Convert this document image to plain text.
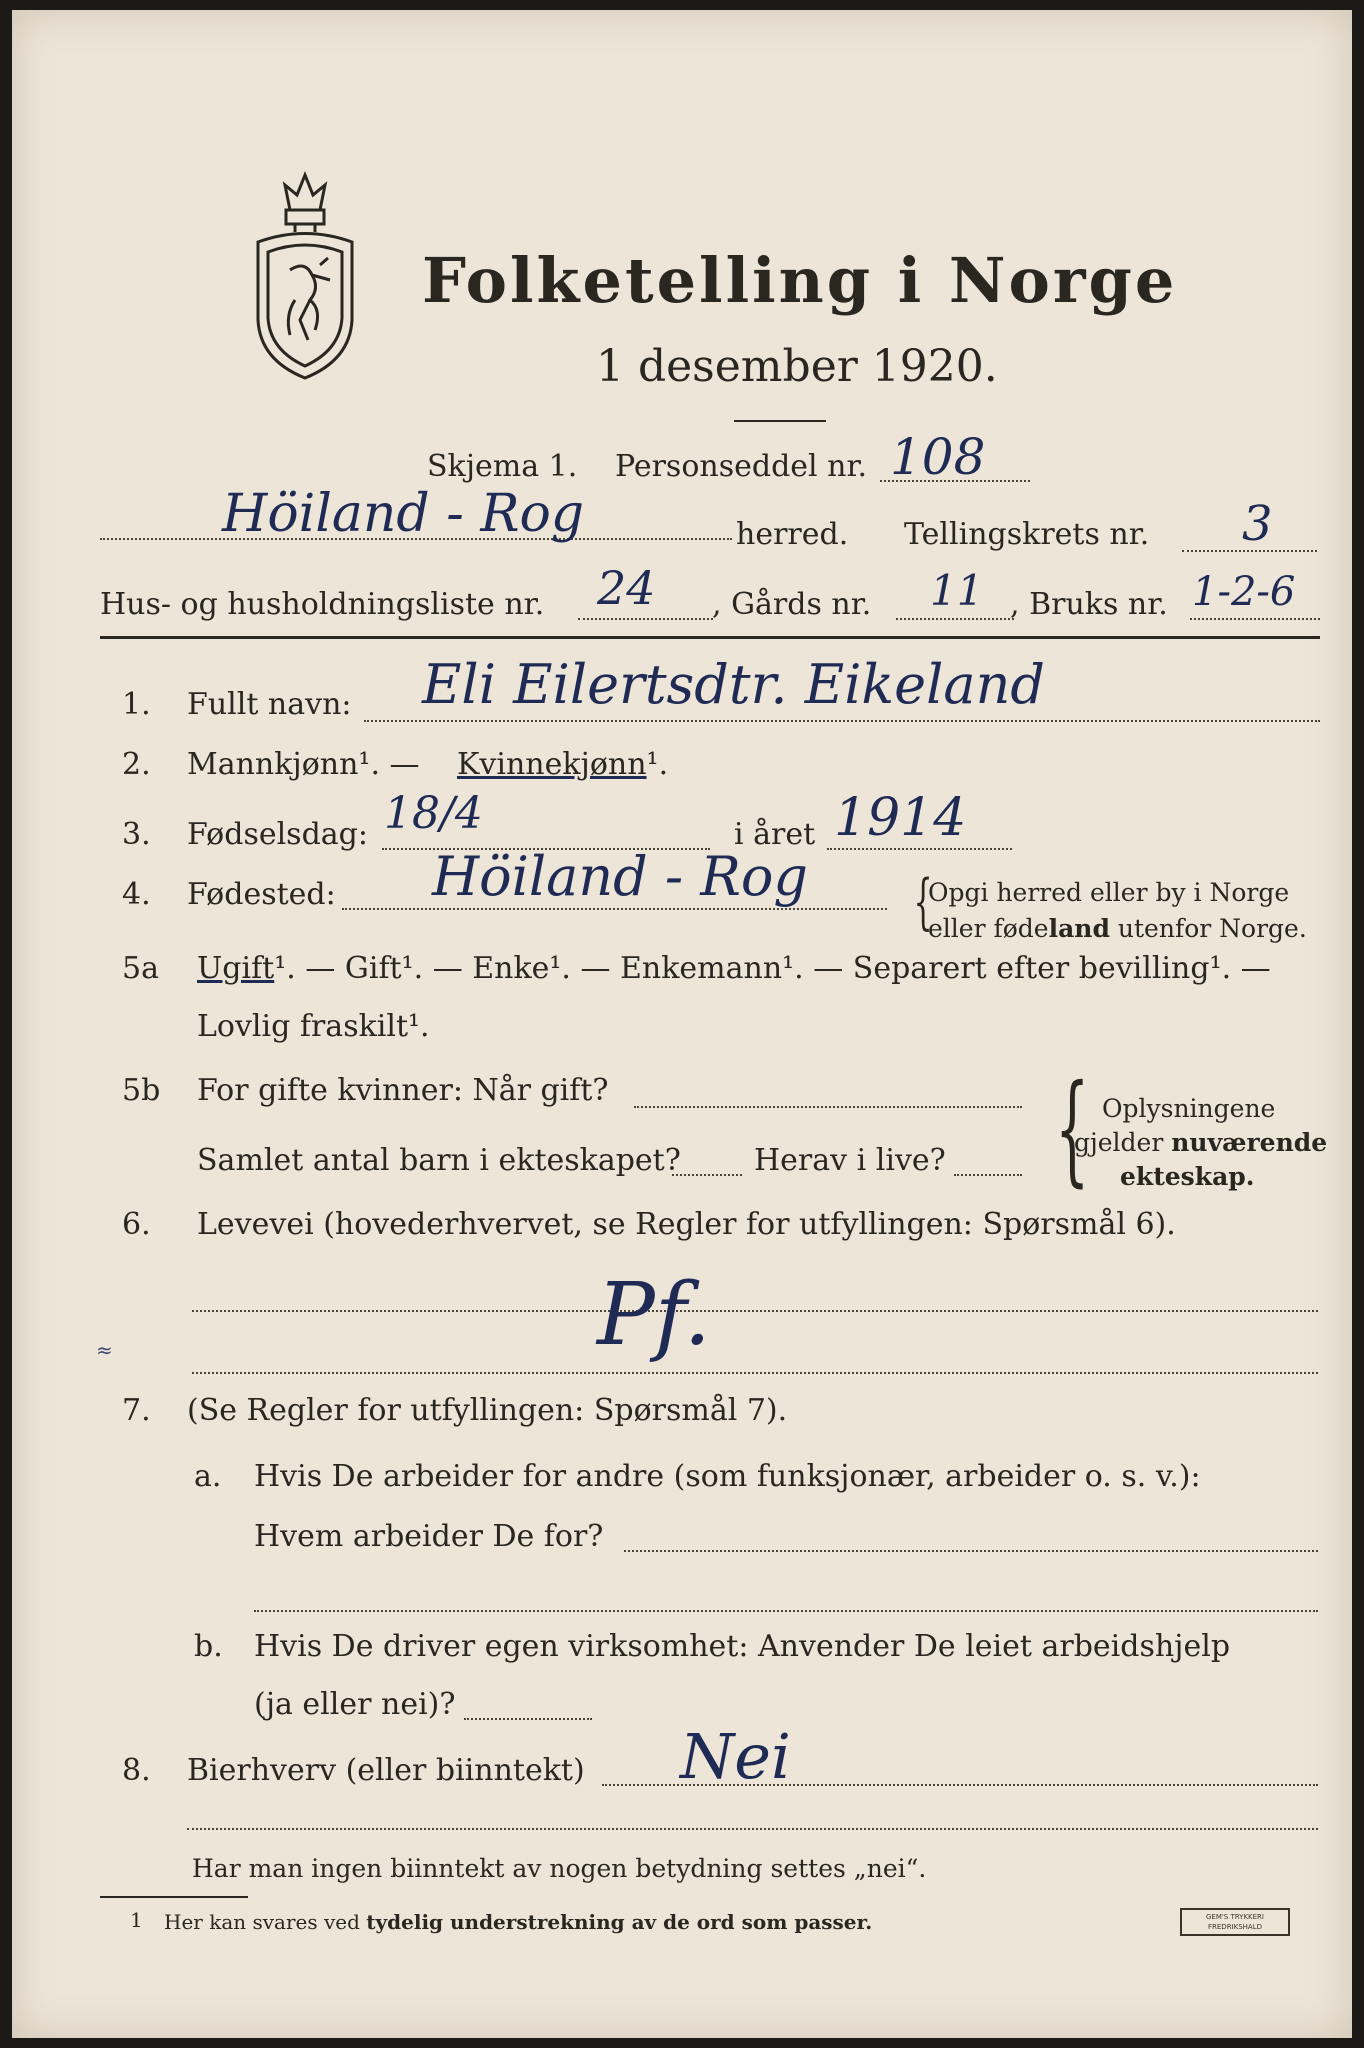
Folketelling i Norge
1 desember 1920.
Skjema 1. Personseddel nr. 108
Höiland - Rog	herred. Tellingskrets nr. 3
Hus- og husholdningsliste nr. 24 , Gårds nr. 11 , Bruks nr. 1-2-6
1. Fullt navn: Eli Eilertsdtr. Eikeland
2. Mannkjønn¹. — Kvinnekjønn¹.
3. Fødselsdag: 18/4	i året 1914
4. Fødested: Höiland - Rog {
Opgi herred eller by i Norge
eller fødeland utenfor Norge.
5a Ugift¹. — Gift¹. — Enke¹. — Enkemann¹. — Separert efter bevilling¹. —
Lovlig fraskilt¹.
5b For gifte kvinner: Når gift?
Samlet antal barn i ekteskapet? Herav i live? { Oplysningene
gjelder nuværende
ekteskap.
6. Levevei (hovederhvervet, se Regler for utfyllingen: Spørsmål 6).
Pf.
≈
7. (Se Regler for utfyllingen: Spørsmål 7).
a. Hvis De arbeider for andre (som funksjonær, arbeider o. s. v.):
Hvem arbeider De for?
b. Hvis De driver egen virksomhet: Anvender De leiet arbeidshjelp
(ja eller nei)?
8. Bierhverv (eller biinntekt) Nei
Har man ingen biinntekt av nogen betydning settes „nei“.
1 Her kan svares ved tydelig understrekning av de ord som passer.	GEM'S TRYKKERI FREDRIKSHALD
